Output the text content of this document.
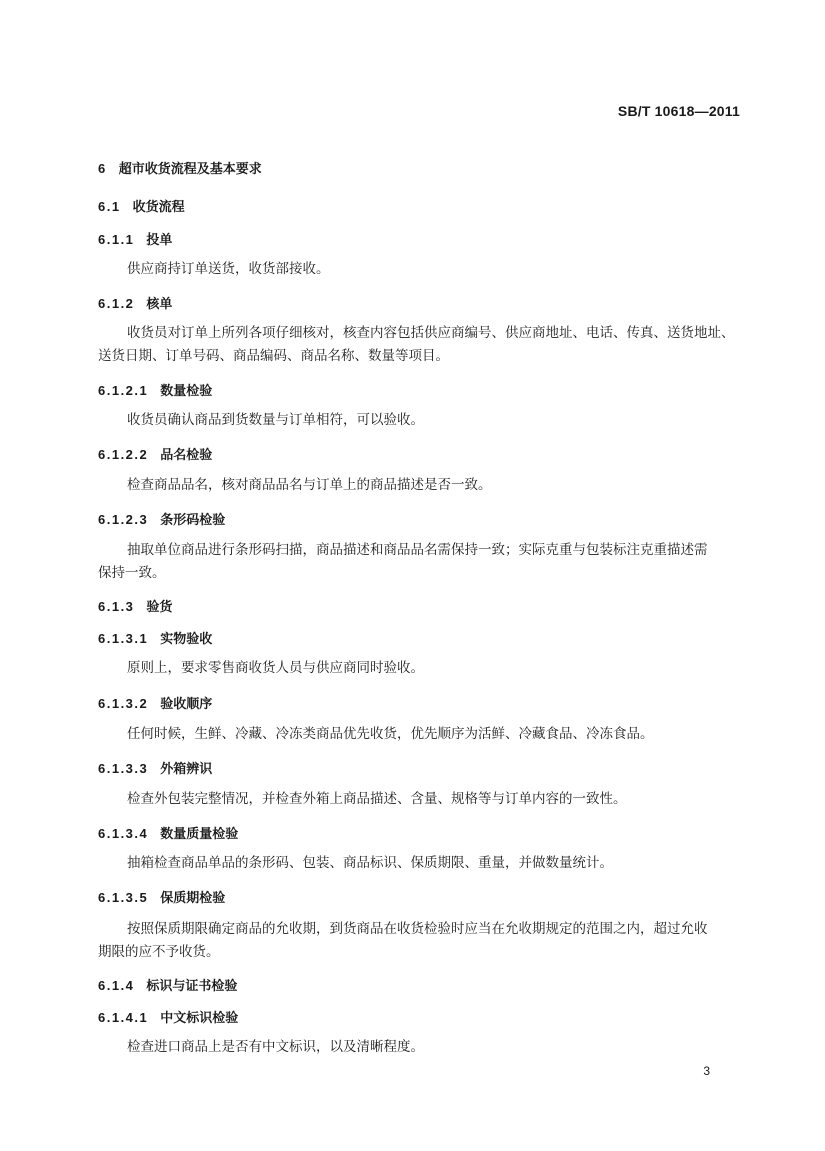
SB/T 10618—2011
6 超市收货流程及基本要求
6.1 收货流程
6.1.1 投单
供应商持订单送货，收货部接收。
6.1.2 核单
收货员对订单上所列各项仔细核对，核查内容包括供应商编号、供应商地址、电话、传真、送货地址、
送货日期、订单号码、商品编码、商品名称、数量等项目。
6.1.2.1 数量检验
收货员确认商品到货数量与订单相符，可以验收。
6.1.2.2 品名检验
检查商品品名，核对商品品名与订单上的商品描述是否一致。
6.1.2.3 条形码检验
抽取单位商品进行条形码扫描，商品描述和商品品名需保持一致；实际克重与包装标注克重描述需
保持一致。
6.1.3 验货
6.1.3.1 实物验收
原则上，要求零售商收货人员与供应商同时验收。
6.1.3.2 验收顺序
任何时候，生鲜、冷藏、冷冻类商品优先收货，优先顺序为活鲜、冷藏食品、冷冻食品。
6.1.3.3 外箱辨识
检查外包装完整情况，并检查外箱上商品描述、含量、规格等与订单内容的一致性。
6.1.3.4 数量质量检验
抽箱检查商品单品的条形码、包装、商品标识、保质期限、重量，并做数量统计。
6.1.3.5 保质期检验
按照保质期限确定商品的允收期，到货商品在收货检验时应当在允收期规定的范围之内，超过允收
期限的应不予收货。
6.1.4 标识与证书检验
6.1.4.1 中文标识检验
检查进口商品上是否有中文标识，以及清晰程度。
3
